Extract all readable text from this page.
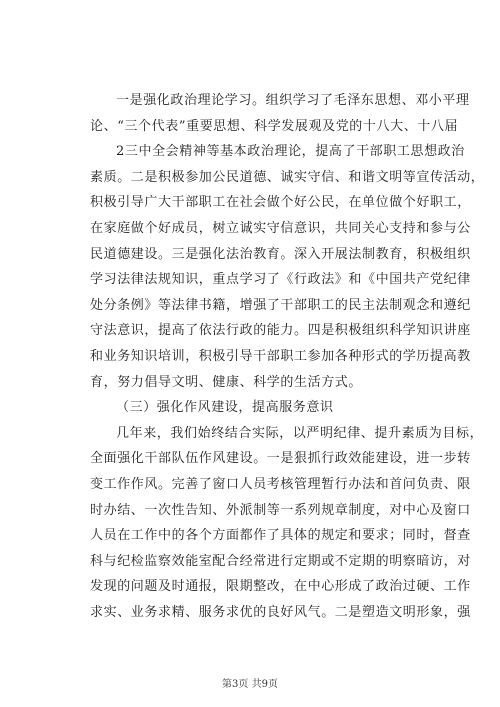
一是强化政治理论学习。组织学习了毛泽东思想、邓小平理
论、“三个代表”重要思想、科学发展观及党的十八大、十八届
2三中全会精神等基本政治理论，提高了干部职工思想政治
素质。二是积极参加公民道德、诚实守信、和谐文明等宣传活动，
积极引导广大干部职工在社会做个好公民，在单位做个好职工，
在家庭做个好成员，树立诚实守信意识，共同关心支持和参与公
民道德建设。三是强化法治教育。深入开展法制教育，积极组织
学习法律法规知识，重点学习了《行政法》和《中国共产党纪律
处分条例》等法律书籍，增强了干部职工的民主法制观念和遵纪
守法意识，提高了依法行政的能力。四是积极组织科学知识讲座
和业务知识培训，积极引导干部职工参加各种形式的学历提高教
育，努力倡导文明、健康、科学的生活方式。
（三）强化作风建设，提高服务意识
几年来，我们始终结合实际，以严明纪律、提升素质为目标，
全面强化干部队伍作风建设。一是狠抓行政效能建设，进一步转
变工作作风。完善了窗口人员考核管理暂行办法和首问负责、限
时办结、一次性告知、外派制等一系列规章制度，对中心及窗口
人员在工作中的各个方面都作了具体的规定和要求；同时，督查
科与纪检监察效能室配合经常进行定期或不定期的明察暗访，对
发现的问题及时通报，限期整改，在中心形成了政治过硬、工作
求实、业务求精、服务求优的良好风气。二是塑造文明形象，强
第3页 共9页
